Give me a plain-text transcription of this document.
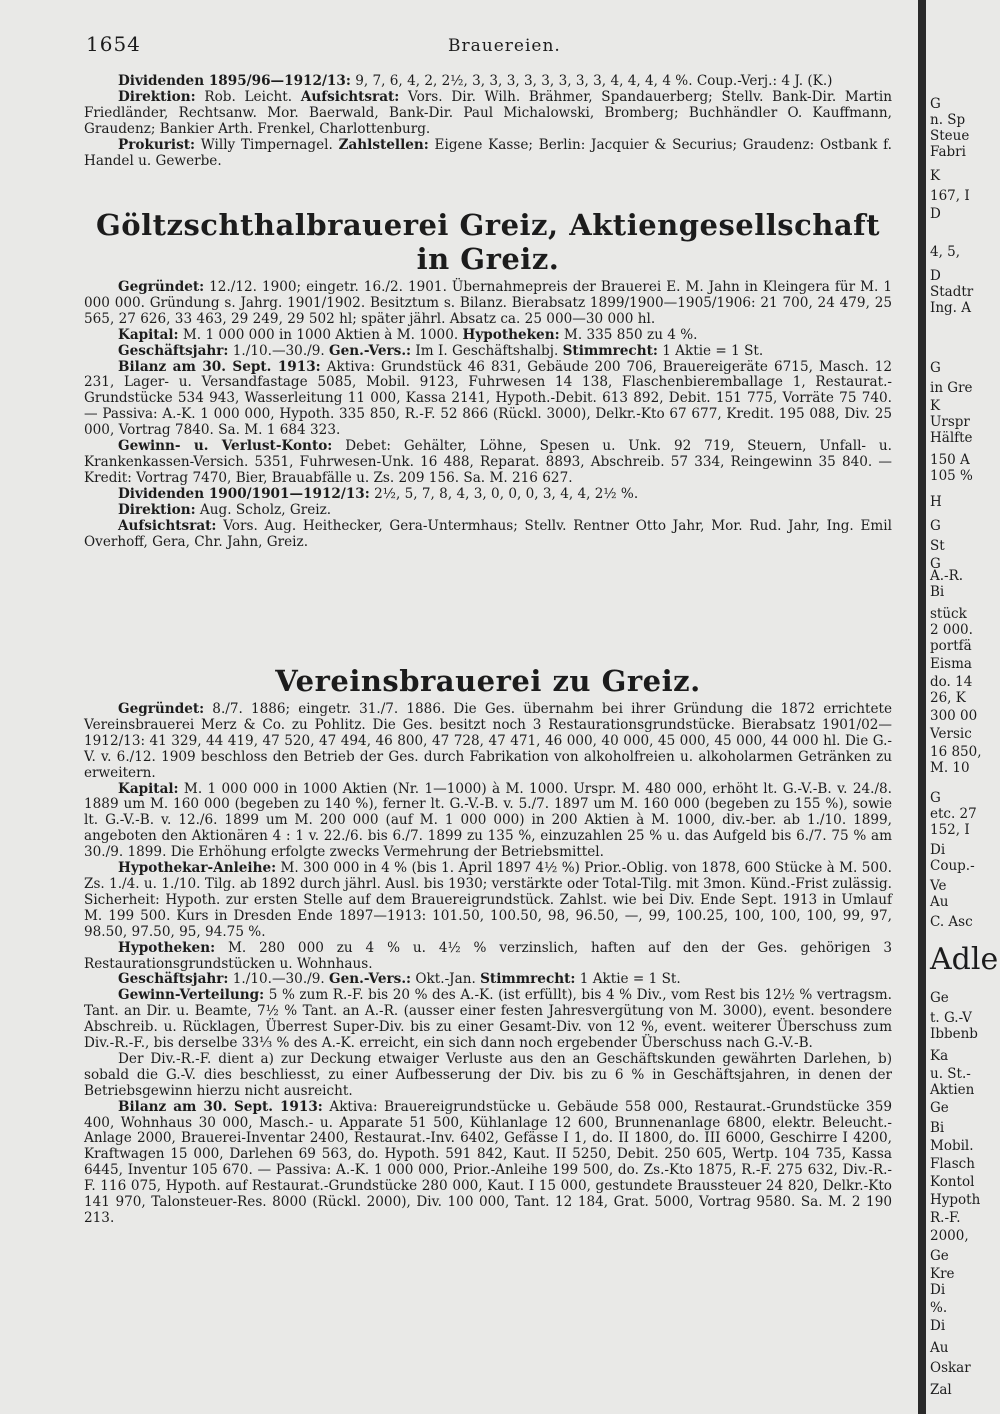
1654	Brauereien.

Dividenden 1895/96—1912/13: 9, 7, 6, 4, 2, 2½, 3, 3, 3, 3, 3, 3, 3, 3, 4, 4, 4, 4 %. Coup.-Verj.: 4 J. (K.)

Direktion: Rob. Leicht. Aufsichtsrat: Vors. Dir. Wilh. Brähmer, Spandauerberg; Stellv. Bank-Dir. Martin Friedländer, Rechtsanw. Mor. Baerwald, Bank-Dir. Paul Michalowski, Bromberg; Buchhändler O. Kauffmann, Graudenz; Bankier Arth. Frenkel, Charlottenburg.

Prokurist: Willy Timpernagel. Zahlstellen: Eigene Kasse; Berlin: Jacquier & Securius; Graudenz: Ostbank f. Handel u. Gewerbe.

Göltzschthalbrauerei Greiz, Aktiengesellschaft in Greiz.

Gegründet: 12./12. 1900; eingetr. 16./2. 1901. Übernahmepreis der Brauerei E. M. Jahn in Kleingera für M. 1 000 000. Gründung s. Jahrg. 1901/1902. Besitztum s. Bilanz. Bierabsatz 1899/1900—1905/1906: 21 700, 24 479, 25 565, 27 626, 33 463, 29 249, 29 502 hl; später jährl. Absatz ca. 25 000—30 000 hl.

Kapital: M. 1 000 000 in 1000 Aktien à M. 1000. Hypotheken: M. 335 850 zu 4 %.

Geschäftsjahr: 1./10.—30./9. Gen.-Vers.: Im I. Geschäftshalbj. Stimmrecht: 1 Aktie = 1 St.

Bilanz am 30. Sept. 1913: Aktiva: Grundstück 46 831, Gebäude 200 706, Brauereigeräte 6715, Masch. 12 231, Lager- u. Versandfastage 5085, Mobil. 9123, Fuhrwesen 14 138, Flaschenbieremballage 1, Restaurat.-Grundstücke 534 943, Wasserleitung 11 000, Kassa 2141, Hypoth.-Debit. 613 892, Debit. 151 775, Vorräte 75 740. — Passiva: A.-K. 1 000 000, Hypoth. 335 850, R.-F. 52 866 (Rückl. 3000), Delkr.-Kto 67 677, Kredit. 195 088, Div. 25 000, Vortrag 7840. Sa. M. 1 684 323.

Gewinn- u. Verlust-Konto: Debet: Gehälter, Löhne, Spesen u. Unk. 92 719, Steuern, Unfall- u. Krankenkassen-Versich. 5351, Fuhrwesen-Unk. 16 488, Reparat. 8893, Abschreib. 57 334, Reingewinn 35 840. — Kredit: Vortrag 7470, Bier, Brauabfälle u. Zs. 209 156. Sa. M. 216 627.

Dividenden 1900/1901—1912/13: 2½, 5, 7, 8, 4, 3, 0, 0, 0, 3, 4, 4, 2½ %.

Direktion: Aug. Scholz, Greiz.

Aufsichtsrat: Vors. Aug. Heithecker, Gera-Untermhaus; Stellv. Rentner Otto Jahr, Mor. Rud. Jahr, Ing. Emil Overhoff, Gera, Chr. Jahn, Greiz.

Vereinsbrauerei zu Greiz.

Gegründet: 8./7. 1886; eingetr. 31./7. 1886. Die Ges. übernahm bei ihrer Gründung die 1872 errichtete Vereinsbrauerei Merz & Co. zu Pohlitz. Die Ges. besitzt noch 3 Restaurationsgrundstücke. Bierabsatz 1901/02—1912/13: 41 329, 44 419, 47 520, 47 494, 46 800, 47 728, 47 471, 46 000, 40 000, 45 000, 45 000, 44 000 hl. Die G.-V. v. 6./12. 1909 beschloss den Betrieb der Ges. durch Fabrikation von alkoholfreien u. alkoholarmen Getränken zu erweitern.

Kapital: M. 1 000 000 in 1000 Aktien (Nr. 1—1000) à M. 1000. Urspr. M. 480 000, erhöht lt. G.-V.-B. v. 24./8. 1889 um M. 160 000 (begeben zu 140 %), ferner lt. G.-V.-B. v. 5./7. 1897 um M. 160 000 (begeben zu 155 %), sowie lt. G.-V.-B. v. 12./6. 1899 um M. 200 000 (auf M. 1 000 000) in 200 Aktien à M. 1000, div.-ber. ab 1./10. 1899, angeboten den Aktionären 4 : 1 v. 22./6. bis 6./7. 1899 zu 135 %, einzuzahlen 25 % u. das Aufgeld bis 6./7. 75 % am 30./9. 1899. Die Erhöhung erfolgte zwecks Vermehrung der Betriebsmittel.

Hypothekar-Anleihe: M. 300 000 in 4 % (bis 1. April 1897 4½ %) Prior.-Oblig. von 1878, 600 Stücke à M. 500. Zs. 1./4. u. 1./10. Tilg. ab 1892 durch jährl. Ausl. bis 1930; verstärkte oder Total-Tilg. mit 3mon. Künd.-Frist zulässig. Sicherheit: Hypoth. zur ersten Stelle auf dem Brauereigrundstück. Zahlst. wie bei Div. Ende Sept. 1913 in Umlauf M. 199 500. Kurs in Dresden Ende 1897—1913: 101.50, 100.50, 98, 96.50, —, 99, 100.25, 100, 100, 100, 99, 97, 98.50, 97.50, 95, 94.75 %.

Hypotheken: M. 280 000 zu 4 % u. 4½ % verzinslich, haften auf den der Ges. gehörigen 3 Restaurationsgrundstücken u. Wohnhaus.

Geschäftsjahr: 1./10.—30./9. Gen.-Vers.: Okt.-Jan. Stimmrecht: 1 Aktie = 1 St.

Gewinn-Verteilung: 5 % zum R.-F. bis 20 % des A.-K. (ist erfüllt), bis 4 % Div., vom Rest bis 12½ % vertragsm. Tant. an Dir. u. Beamte, 7½ % Tant. an A.-R. (ausser einer festen Jahresvergütung von M. 3000), event. besondere Abschreib. u. Rücklagen, Überrest Super-Div. bis zu einer Gesamt-Div. von 12 %, event. weiterer Überschuss zum Div.-R.-F., bis derselbe 33⅓ % des A.-K. erreicht, ein sich dann noch ergebender Überschuss nach G.-V.-B.

Der Div.-R.-F. dient a) zur Deckung etwaiger Verluste aus den an Geschäftskunden gewährten Darlehen, b) sobald die G.-V. dies beschliesst, zu einer Aufbesserung der Div. bis zu 6 % in Geschäftsjahren, in denen der Betriebsgewinn hierzu nicht ausreicht.

Bilanz am 30. Sept. 1913: Aktiva: Brauereigrundstücke u. Gebäude 558 000, Restaurat.-Grundstücke 359 400, Wohnhaus 30 000, Masch.- u. Apparate 51 500, Kühlanlage 12 600, Brunnenanlage 6800, elektr. Beleucht.-Anlage 2000, Brauerei-Inventar 2400, Restaurat.-Inv. 6402, Gefässe I 1, do. II 1800, do. III 6000, Geschirre I 4200, Kraftwagen 15 000, Darlehen 69 563, do. Hypoth. 591 842, Kaut. II 5250, Debit. 250 605, Wertp. 104 735, Kassa 6445, Inventur 105 670. — Passiva: A.-K. 1 000 000, Prior.-Anleihe 199 500, do. Zs.-Kto 1875, R.-F. 275 632, Div.-R.-F. 116 075, Hypoth. auf Restaurat.-Grundstücke 280 000, Kaut. I 15 000, gestundete Braussteuer 24 820, Delkr.-Kto 141 970, Talonsteuer-Res. 8000 (Rückl. 2000), Div. 100 000, Tant. 12 184, Grat. 5000, Vortrag 9580. Sa. M. 2 190 213.

G
n. Sp
Steue
Fabri
K
167, I
D
4, 5,
D
Stadtr
Ing. A
G
in Gre
K
Urspr
Hälfte
150 A
105 %
H
G
St
G
A.-R.
Bi
stück
2 000.
portfä
Eisma
do. 14
26, K
300 00
Versic
16 850,
M. 10
G
etc. 27
152, I
Di
Coup.-
Ve
Au
C. Asc
Adle
Ge
t. G.-V
Ibbenb
Ka
u. St.-
Aktien
Ge
Bi
Mobil.
Flasch
Kontol
Hypoth
R.-F.
2000,
Ge
Kre
Di
%.
Di
Au
Oskar
Zal
